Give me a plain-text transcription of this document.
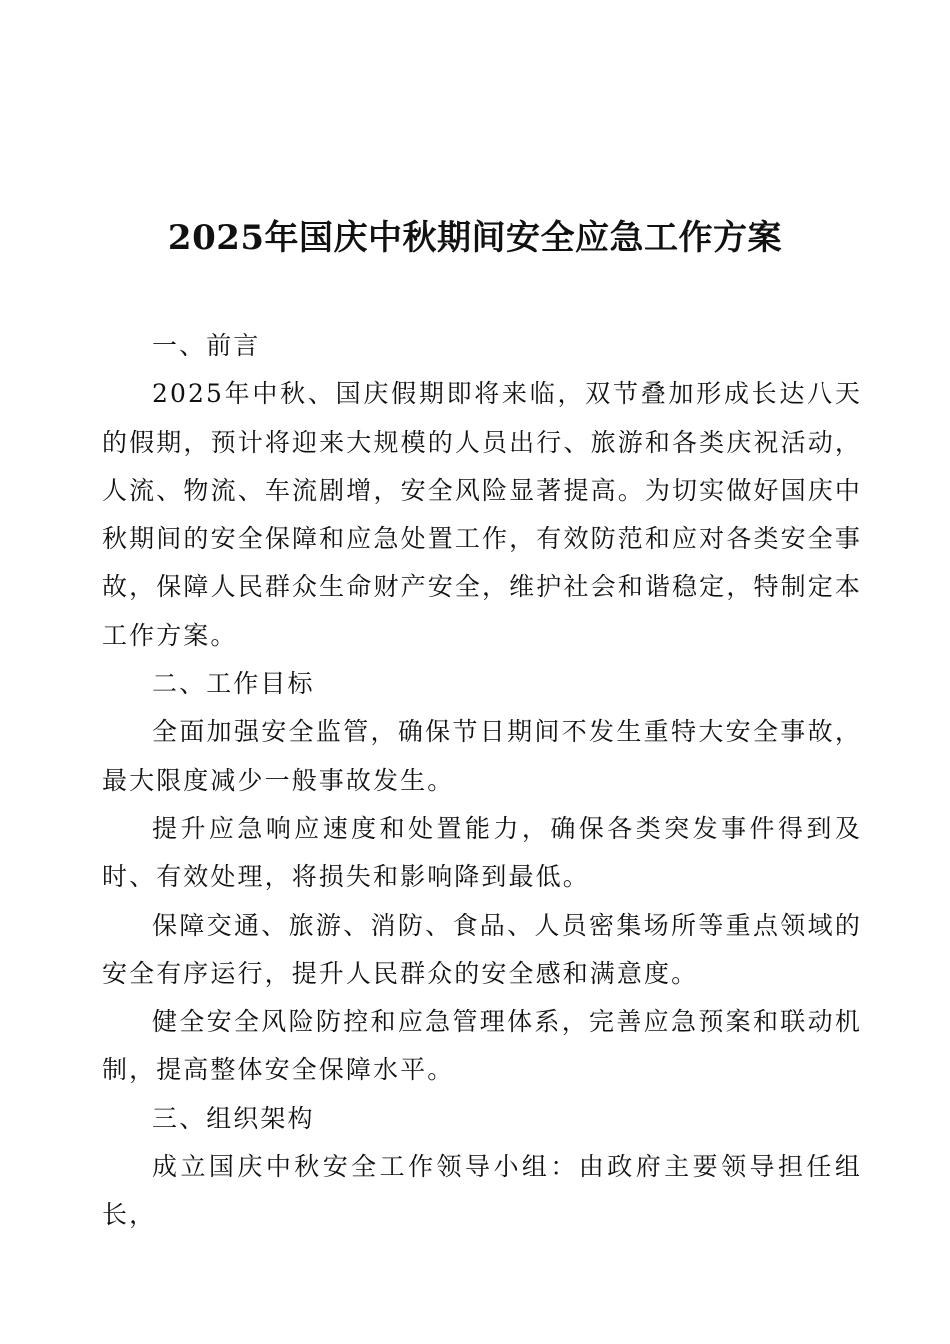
2025年国庆中秋期间安全应急工作方案

一、前言

2025年中秋、国庆假期即将来临，双节叠加形成长达八天的假期，预计将迎来大规模的人员出行、旅游和各类庆祝活动，人流、物流、车流剧增，安全风险显著提高。为切实做好国庆中秋期间的安全保障和应急处置工作，有效防范和应对各类安全事故，保障人民群众生命财产安全，维护社会和谐稳定，特制定本工作方案。

二、工作目标

全面加强安全监管，确保节日期间不发生重特大安全事故，最大限度减少一般事故发生。

提升应急响应速度和处置能力，确保各类突发事件得到及时、有效处理，将损失和影响降到最低。

保障交通、旅游、消防、食品、人员密集场所等重点领域的安全有序运行，提升人民群众的安全感和满意度。

健全安全风险防控和应急管理体系，完善应急预案和联动机制，提高整体安全保障水平。

三、组织架构

成立国庆中秋安全工作领导小组：由政府主要领导担任组长，
